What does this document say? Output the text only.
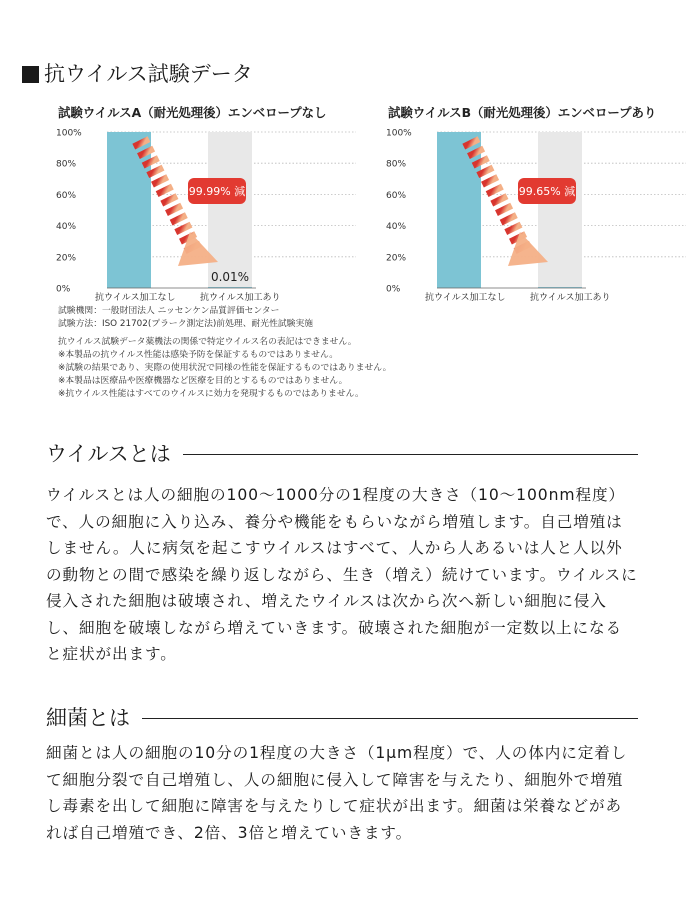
抗ウイルス試験データ
試験ウイルスA（耐光処理後）エンベロープなし
100%
80%
60%
40%
20%
0%
抗ウイルス加工なし	抗ウイルス加工あり
99.99% 減
0.01%
試験ウイルスB（耐光処理後）エンベロープあり
100%
80%
60%
40%
20%
0%
抗ウイルス加工なし	抗ウイルス加工あり
99.65% 減
試験機関：一般財団法人 ニッセンケン品質評価センター
試験方法：ISO 21702(プラーク測定法)前処理、耐光性試験実施
抗ウイルス試験データ薬機法の関係で特定ウイルス名の表記はできません。
※本製品の抗ウイルス性能は感染予防を保証するものではありません。
※試験の結果であり、実際の使用状況で同様の性能を保証するものではありません。
※本製品は医療品や医療機器など医療を目的とするものではありません。
※抗ウイルス性能はすべてのウイルスに効力を発現するものではありません。
ウイルスとは
ウイルスとは人の細胞の100〜1000分の1程度の大きさ（10〜100nm程度）
で、人の細胞に入り込み、養分や機能をもらいながら増殖します。自己増殖は
しません。人に病気を起こすウイルスはすべて、人から人あるいは人と人以外
の動物との間で感染を繰り返しながら、生き（増え）続けています。ウイルスに
侵入された細胞は破壊され、増えたウイルスは次から次へ新しい細胞に侵入
し、細胞を破壊しながら増えていきます。破壊された細胞が一定数以上になる
と症状が出ます。
細菌とは
細菌とは人の細胞の10分の1程度の大きさ（1μm程度）で、人の体内に定着し
て細胞分裂で自己増殖し、人の細胞に侵入して障害を与えたり、細胞外で増殖
し毒素を出して細胞に障害を与えたりして症状が出ます。細菌は栄養などがあ
れば自己増殖でき、2倍、3倍と増えていきます。
